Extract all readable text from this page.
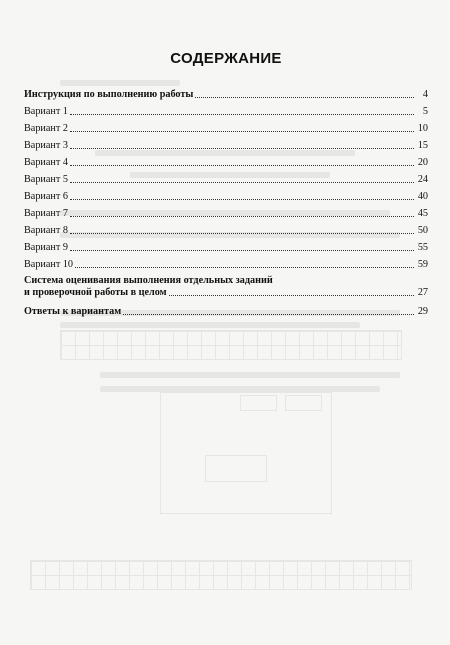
СОДЕРЖАНИЕ
Инструкция по выполнению работы	4
Вариант 1	5
Вариант 2	10
Вариант 3	15
Вариант 4	20
Вариант 5	24
Вариант 6	40
Вариант 7	45
Вариант 8	50
Вариант 9	55
Вариант 10	59
Система оценивания выполнения отдельных заданий
и проверочной работы в целом	27
Ответы к вариантам	29
